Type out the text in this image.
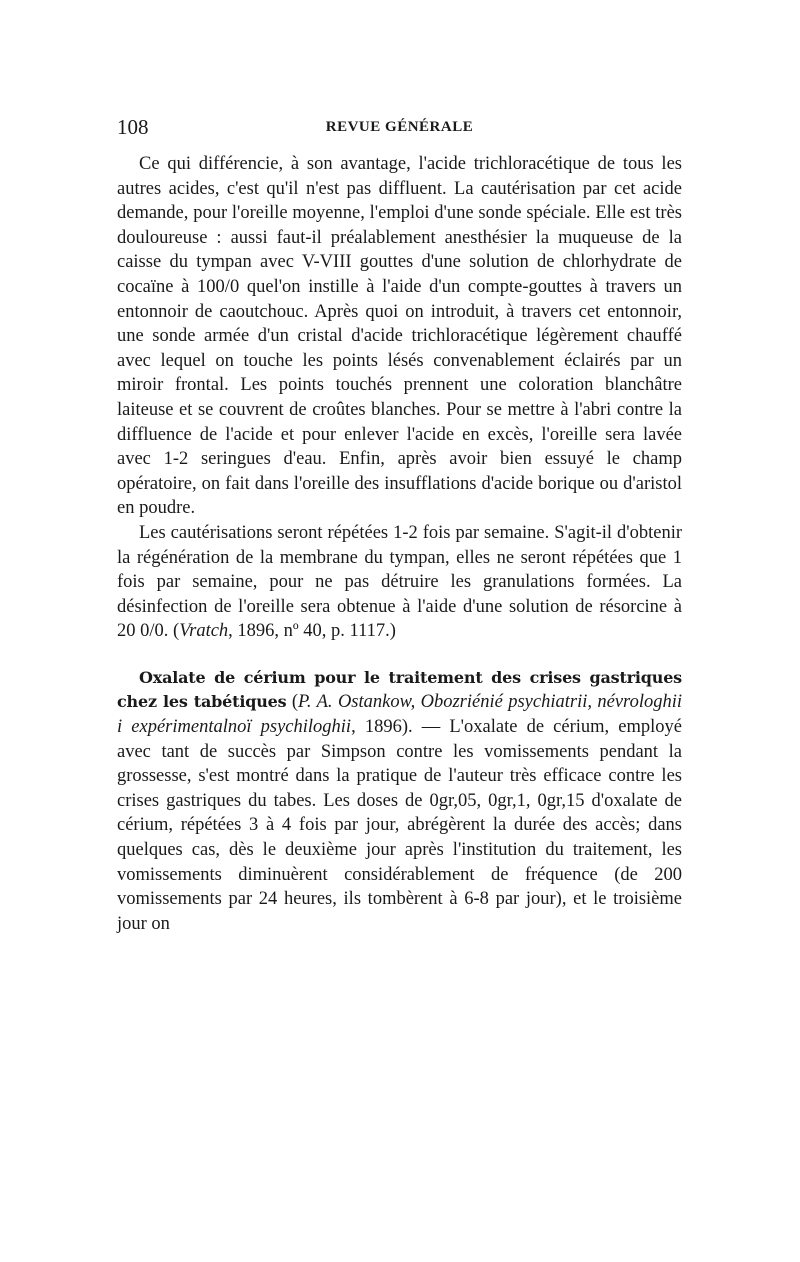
108	REVUE GÉNÉRALE

Ce qui différencie, à son avantage, l'acide trichloracétique de tous les autres acides, c'est qu'il n'est pas diffluent. La cautérisation par cet acide demande, pour l'oreille moyenne, l'emploi d'une sonde spéciale. Elle est très douloureuse : aussi faut-il préalablement anesthésier la muqueuse de la caisse du tympan avec V-VIII gouttes d'une solution de chlorhydrate de cocaïne à 100/0 quel'on instille à l'aide d'un compte-gouttes à travers un entonnoir de caoutchouc. Après quoi on introduit, à travers cet entonnoir, une sonde armée d'un cristal d'acide trichloracétique légèrement chauffé avec lequel on touche les points lésés convenablement éclairés par un miroir frontal. Les points touchés prennent une coloration blanchâtre laiteuse et se couvrent de croûtes blanches. Pour se mettre à l'abri contre la diffluence de l'acide et pour enlever l'acide en excès, l'oreille sera lavée avec 1-2 seringues d'eau. Enfin, après avoir bien essuyé le champ opératoire, on fait dans l'oreille des insufflations d'acide borique ou d'aristol en poudre.

Les cautérisations seront répétées 1-2 fois par semaine. S'agit-il d'obtenir la régénération de la membrane du tympan, elles ne seront répétées que 1 fois par semaine, pour ne pas détruire les granulations formées. La désinfection de l'oreille sera obtenue à l'aide d'une solution de résorcine à 20 0/0. (Vratch, 1896, nº 40, p. 1117.)

Oxalate de cérium pour le traitement des crises gastriques chez les tabétiques (P. A. Ostankow, Obozriénié psychiatrii, névrologhii i expérimentalnoï psychiloghii, 1896). — L'oxalate de cérium, employé avec tant de succès par Simpson contre les vomissements pendant la grossesse, s'est montré dans la pratique de l'auteur très efficace contre les crises gastriques du tabes. Les doses de 0gr,05, 0gr,1, 0gr,15 d'oxalate de cérium, répétées 3 à 4 fois par jour, abrégèrent la durée des accès; dans quelques cas, dès le deuxième jour après l'institution du traitement, les vomissements diminuèrent considérablement de fréquence (de 200 vomissements par 24 heures, ils tombèrent à 6-8 par jour), et le troisième jour on
